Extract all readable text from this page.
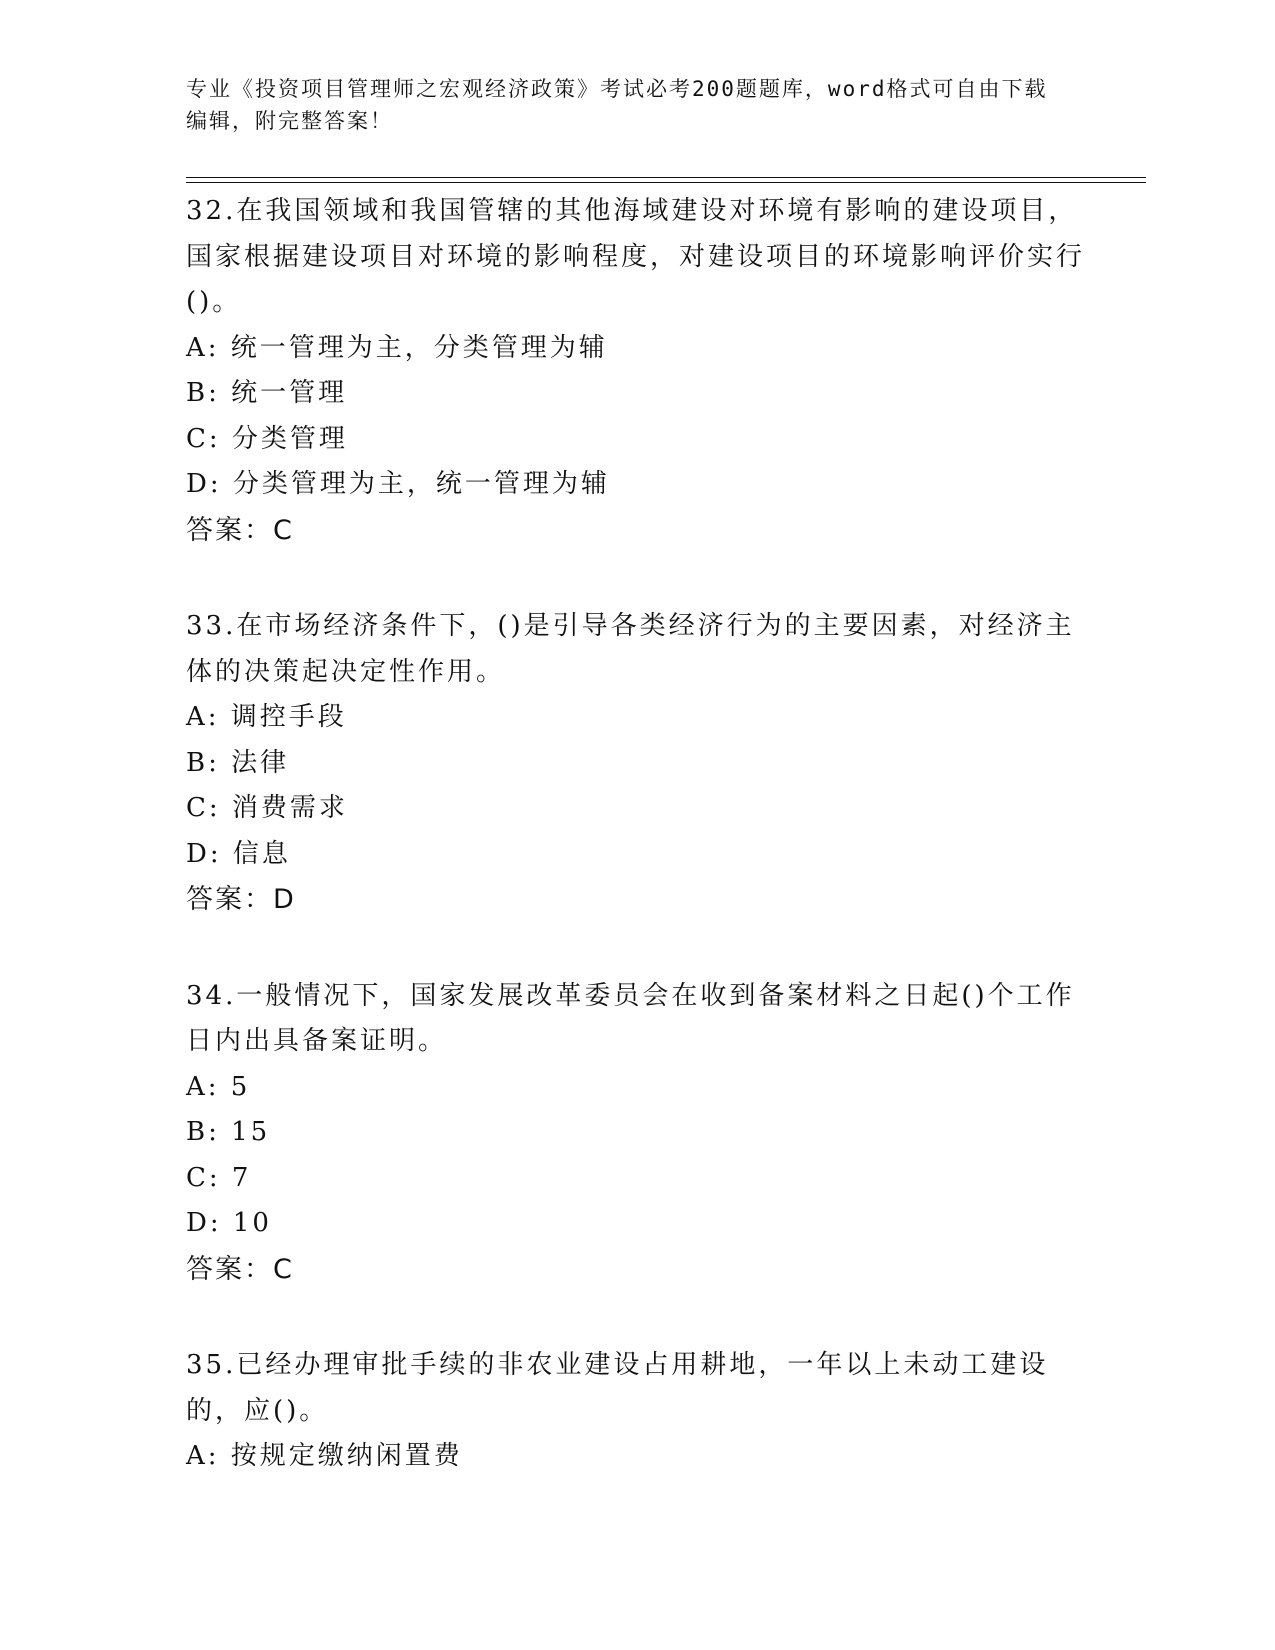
专业《投资项目管理师之宏观经济政策》考试必考200题题库，word格式可自由下载编辑，附完整答案！

32.在我国领域和我国管辖的其他海域建设对环境有影响的建设项目，国家根据建设项目对环境的影响程度，对建设项目的环境影响评价实行()。

A: 统一管理为主，分类管理为辅

B: 统一管理

C: 分类管理

D: 分类管理为主，统一管理为辅

答案：C

33.在市场经济条件下，()是引导各类经济行为的主要因素，对经济主体的决策起决定性作用。

A: 调控手段

B: 法律

C: 消费需求

D: 信息

答案：D

34.一般情况下，国家发展改革委员会在收到备案材料之日起()个工作日内出具备案证明。

A: 5

B: 15

C: 7

D: 10

答案：C

35.已经办理审批手续的非农业建设占用耕地，一年以上未动工建设的，应()。

A: 按规定缴纳闲置费
